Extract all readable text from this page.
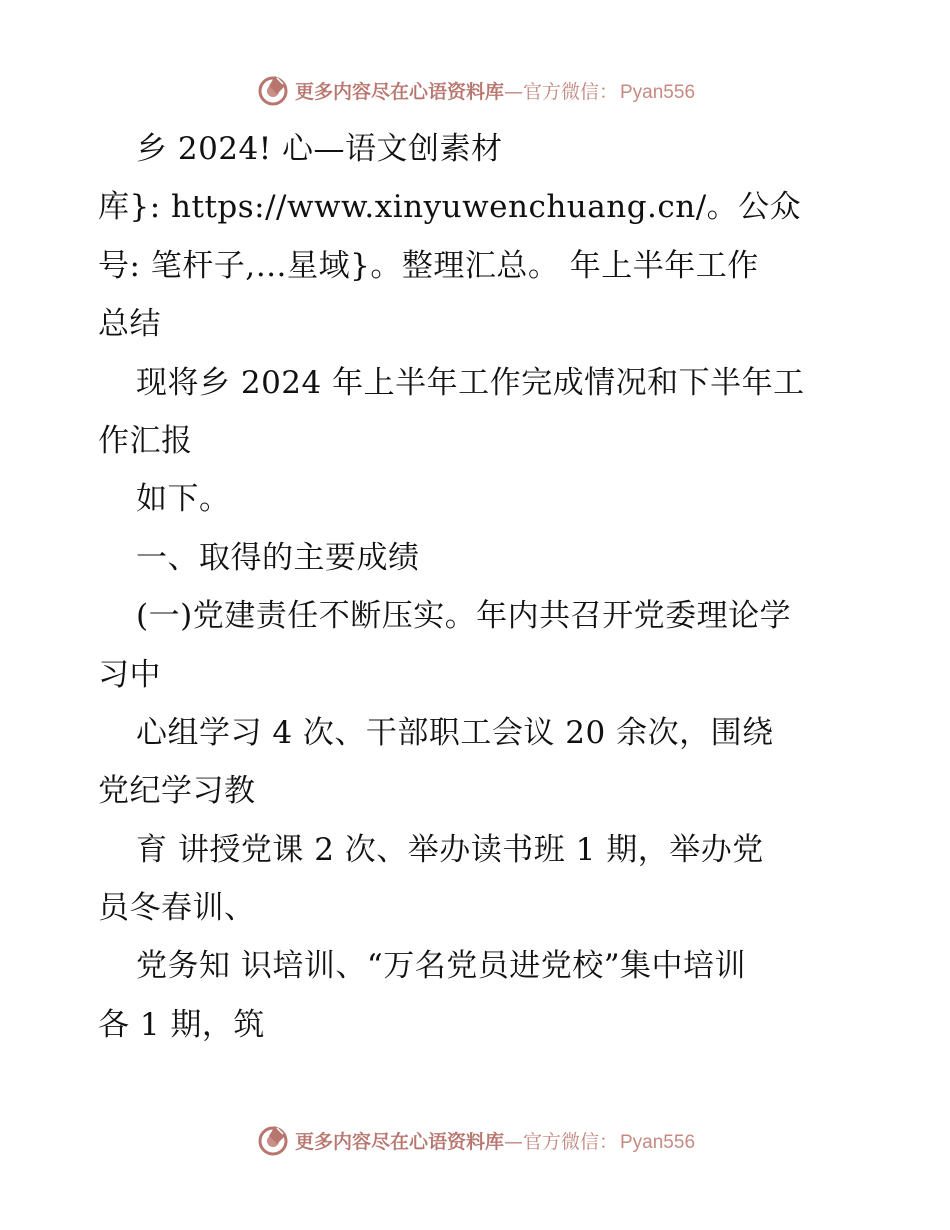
更多内容尽在心语资料库—官方微信： Pyan556
乡 2024! 心—语文创素材
库}: https://www.xinyuwenchuang.cn/。公众
号: 笔杆子,…星域}。整理汇总。 年上半年工作
总结
现将乡 2024 年上半年工作完成情况和下半年工
作汇报
如下。
一、取得的主要成绩
(一)党建责任不断压实。年内共召开党委理论学
习中
心组学习 4 次、干部职工会议 20 余次，围绕
党纪学习教
育 讲授党课 2 次、举办读书班 1 期，举办党
员冬春训、
党务知 识培训、“万名党员进党校”集中培训
各 1 期，筑
更多内容尽在心语资料库—官方微信： Pyan556
